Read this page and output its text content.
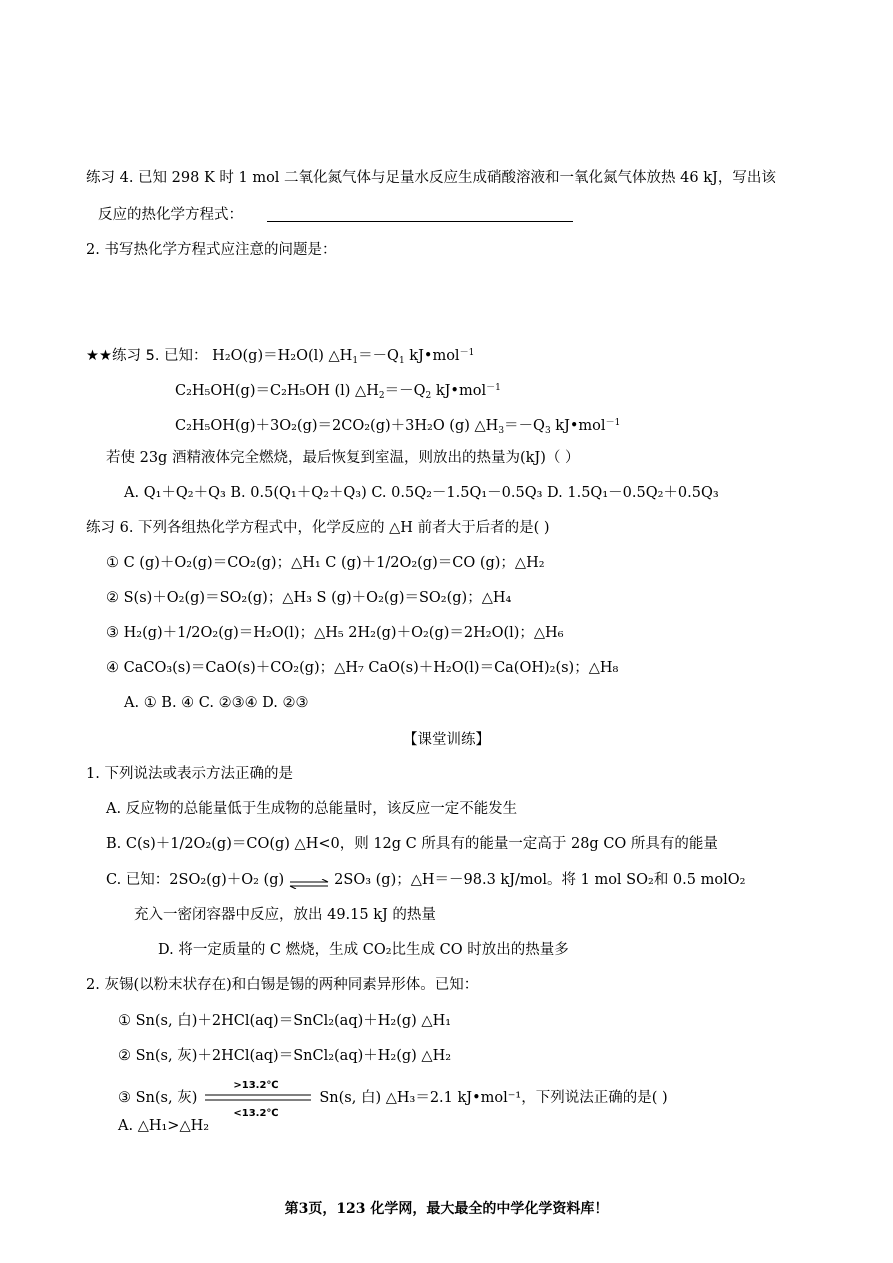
练习 4. 已知 298 K 时 1 mol 二氧化氮气体与足量水反应生成硝酸溶液和一氧化氮气体放热 46 kJ，写出该
反应的热化学方程式：
2. 书写热化学方程式应注意的问题是：
★★练习 5. 已知： H₂O(g)＝H₂O(l) $\triangle H_1=-Q_1$ kJ•mol$^{-1}$
C₂H₅OH(g)＝C₂H₅OH (l) $\triangle H_2=-Q_2$ kJ•mol$^{-1}$
C₂H₅OH(g)＋3O₂(g)＝2CO₂(g)＋3H₂O (g) $\triangle H_3=-Q_3$ kJ•mol$^{-1}$
若使 23g 酒精液体完全燃烧，最后恢复到室温，则放出的热量为(kJ)（ ）
A. Q₁＋Q₂＋Q₃ B. 0.5(Q₁＋Q₂＋Q₃) C. 0.5Q₂－1.5Q₁－0.5Q₃ D. 1.5Q₁－0.5Q₂＋0.5Q₃
练习 6. 下列各组热化学方程式中，化学反应的 △H 前者大于后者的是( )
① C (g)＋O₂(g)＝CO₂(g)；△H₁ C (g)＋1/2O₂(g)＝CO (g)；△H₂
② S(s)＋O₂(g)＝SO₂(g)；△H₃ S (g)＋O₂(g)＝SO₂(g)；△H₄
③ H₂(g)＋1/2O₂(g)＝H₂O(l)；△H₅ 2H₂(g)＋O₂(g)＝2H₂O(l)；△H₆
④ CaCO₃(s)＝CaO(s)＋CO₂(g)；△H₇ CaO(s)＋H₂O(l)＝Ca(OH)₂(s)；△H₈
A. ① B. ④ C. ②③④ D. ②③
【课堂训练】
1. 下列说法或表示方法正确的是
A. 反应物的总能量低于生成物的总能量时，该反应一定不能发生
B. C(s)＋1/2O₂(g)＝CO(g) △H<0，则 12g C 所具有的能量一定高于 28g CO 所具有的能量
C. 已知：2SO₂(g)＋O₂ (g) ⇌ 2SO₃ (g)；△H＝－98.3 kJ/mol。将 1 mol SO₂和 0.5 molO₂
充入一密闭容器中反应，放出 49.15 kJ 的热量
D. 将一定质量的 C 燃烧，生成 CO₂比生成 CO 时放出的热量多
2. 灰锡(以粉末状存在)和白锡是锡的两种同素异形体。已知：
① Sn(s, 白)＋2HCl(aq)＝SnCl₂(aq)＋H₂(g) △H₁
② Sn(s, 灰)＋2HCl(aq)＝SnCl₂(aq)＋H₂(g) △H₂
③ Sn(s, 灰)
>13.2℃
<13.2℃
Sn(s, 白) △H₃＝2.1 kJ•mol⁻¹，下列说法正确的是( )
A. △H₁>△H₂
第3页，123 化学网，最大最全的中学化学资料库！
